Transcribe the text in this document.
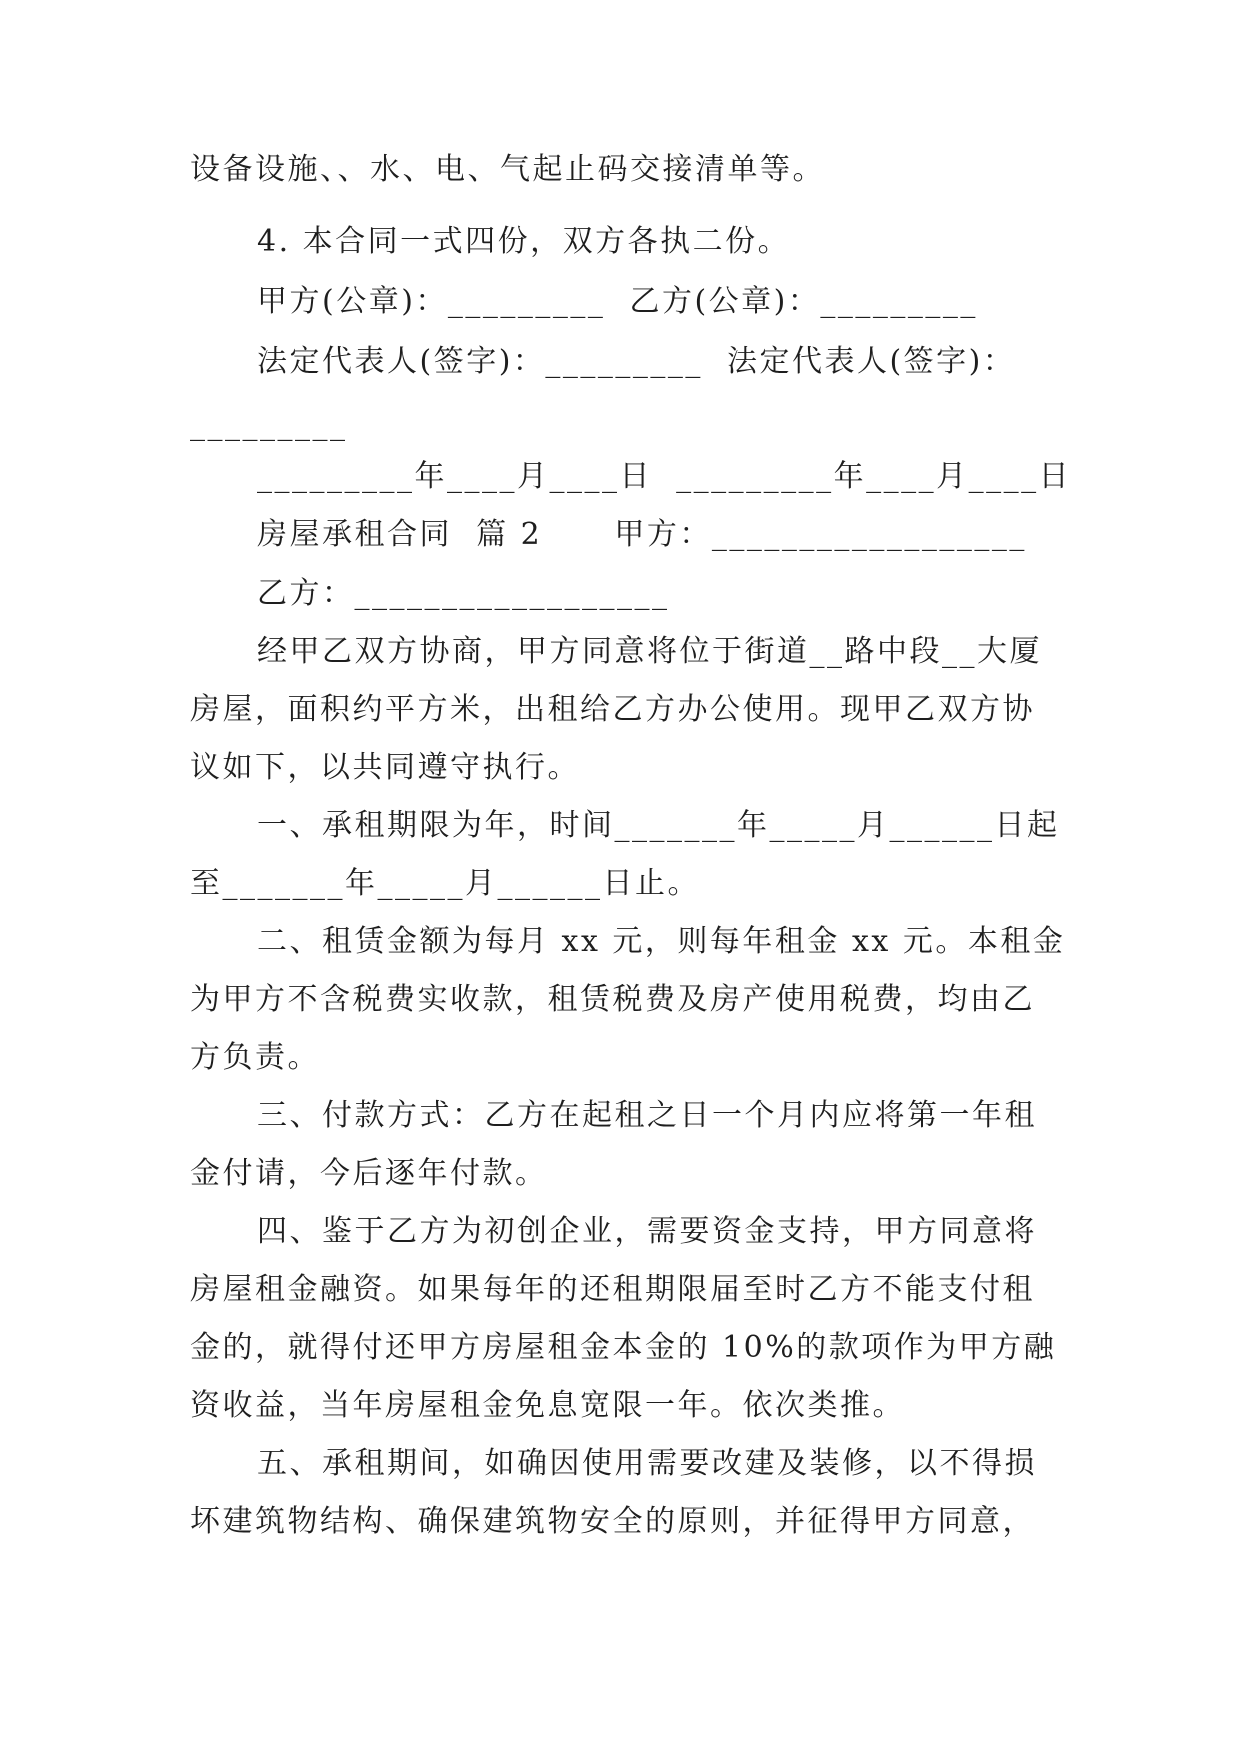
设备设施、、水、电、气起止码交接清单等。
4. 本合同一式四份，双方各执二份。
甲方(公章)：_________  乙方(公章)：_________
法定代表人(签字)：_________  法定代表人(签字)：
_________
_________年____月____日  _________年____月____日
房屋承租合同  篇 2      甲方：__________________
乙方：__________________
经甲乙双方协商，甲方同意将位于街道__路中段__大厦
房屋，面积约平方米，出租给乙方办公使用。现甲乙双方协
议如下，以共同遵守执行。
一、承租期限为年，时间_______年_____月______日起
至_______年_____月______日止。
二、租赁金额为每月 xx 元，则每年租金 xx 元。本租金
为甲方不含税费实收款，租赁税费及房产使用税费，均由乙
方负责。
三、付款方式：乙方在起租之日一个月内应将第一年租
金付请，今后逐年付款。
四、鉴于乙方为初创企业，需要资金支持，甲方同意将
房屋租金融资。如果每年的还租期限届至时乙方不能支付租
金的，就得付还甲方房屋租金本金的 10%的款项作为甲方融
资收益，当年房屋租金免息宽限一年。依次类推。
五、承租期间，如确因使用需要改建及装修，以不得损
坏建筑物结构、确保建筑物安全的原则，并征得甲方同意，
